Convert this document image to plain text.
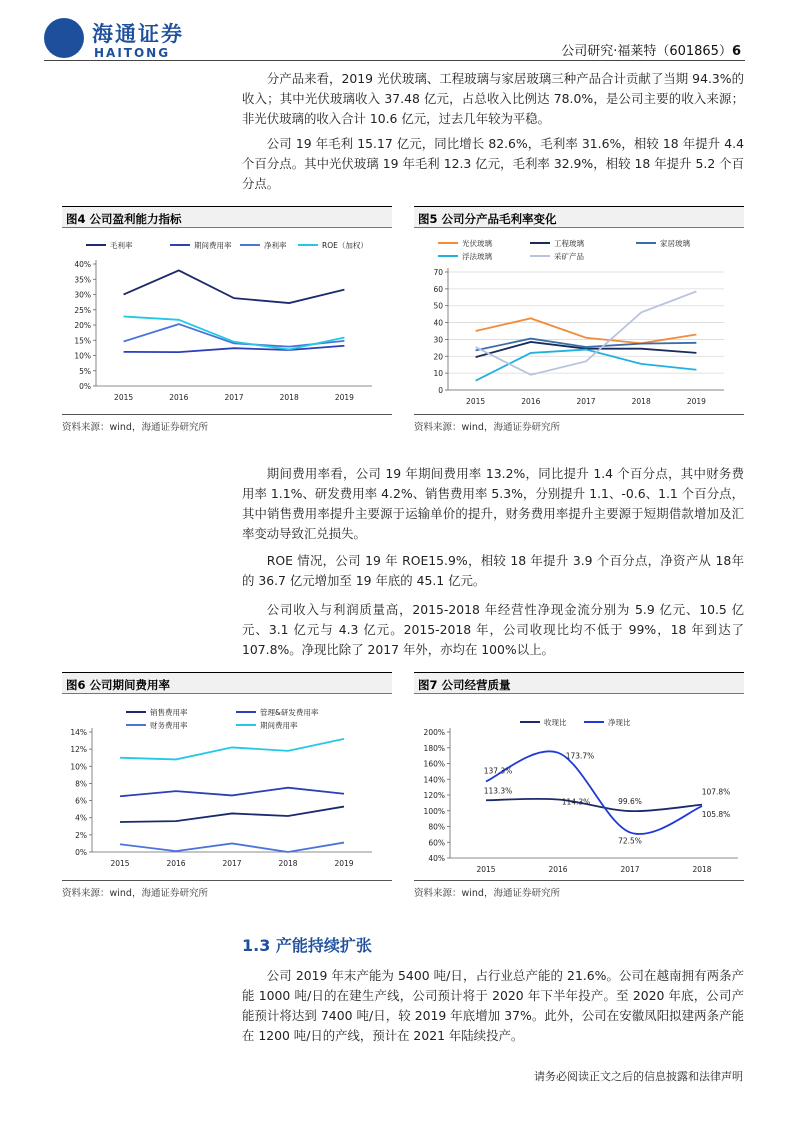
海通证券
HAITONG	公司研究·福莱特（601865）6

分产品来看，2019 光伏玻璃、工程玻璃与家居玻璃三种产品合计贡献了当期 94.3%的收入；其中光伏玻璃收入 37.48 亿元，占总收入比例达 78.0%，是公司主要的收入来源；非光伏玻璃的收入合计 10.6 亿元，过去几年较为平稳。

公司 19 年毛利 15.17 亿元，同比增长 82.6%，毛利率 31.6%，相较 18 年提升 4.4个百分点。其中光伏玻璃 19 年毛利 12.3 亿元，毛利率 32.9%，相较 18 年提升 5.2 个百分点。

图4 公司盈利能力指标
0%
5%
10%
15%
20%
25%
30%
35%
40%
2015	2016	2017	2018	2019
毛利率	期间费用率	净利率	ROE（加权）
资料来源：wind，海通证券研究所
图5 公司分产品毛利率变化
0
10
20
30
40
50
60
70
2015	2016	2017	2018	2019
光伏玻璃	工程玻璃	家居玻璃
浮法玻璃	采矿产品
资料来源：wind，海通证券研究所

期间费用率看，公司 19 年期间费用率 13.2%，同比提升 1.4 个百分点，其中财务费用率 1.1%、研发费用率 4.2%、销售费用率 5.3%，分别提升 1.1、-0.6、1.1 个百分点，其中销售费用率提升主要源于运输单价的提升，财务费用率提升主要源于短期借款增加及汇率变动导致汇兑损失。

ROE 情况，公司 19 年 ROE15.9%，相较 18 年提升 3.9 个百分点，净资产从 18年的 36.7 亿元增加至 19 年底的 45.1 亿元。

公司收入与利润质量高，2015-2018 年经营性净现金流分别为 5.9 亿元、10.5 亿元、3.1 亿元与 4.3 亿元。2015-2018 年，公司收现比均不低于 99%，18 年到达了 107.8%。净现比除了 2017 年外，亦均在 100%以上。

图6 公司期间费用率
0%
2%
4%
6%
8%
10%
12%
14%
2015	2016	2017	2018	2019
销售费用率	管理&研发费用率
财务费用率	期间费用率
资料来源：wind，海通证券研究所
图7 公司经营质量
40%
60%
80%
100%
120%
140%
160%
180%
200%
2015	2016	2017	2018
收现比	净现比
113.3%
114.3%	99.6%
107.8%
137.3%
173.7%
72.5%
105.8%
资料来源：wind，海通证券研究所
1.3 产能持续扩张

公司 2019 年末产能为 5400 吨/日，占行业总产能的 21.6%。公司在越南拥有两条产能 1000 吨/日的在建生产线，公司预计将于 2020 年下半年投产。至 2020 年底，公司产能预计将达到 7400 吨/日，较 2019 年底增加 37%。此外，公司在安徽凤阳拟建两条产能在 1200 吨/日的产线，预计在 2021 年陆续投产。

请务必阅读正文之后的信息披露和法律声明
